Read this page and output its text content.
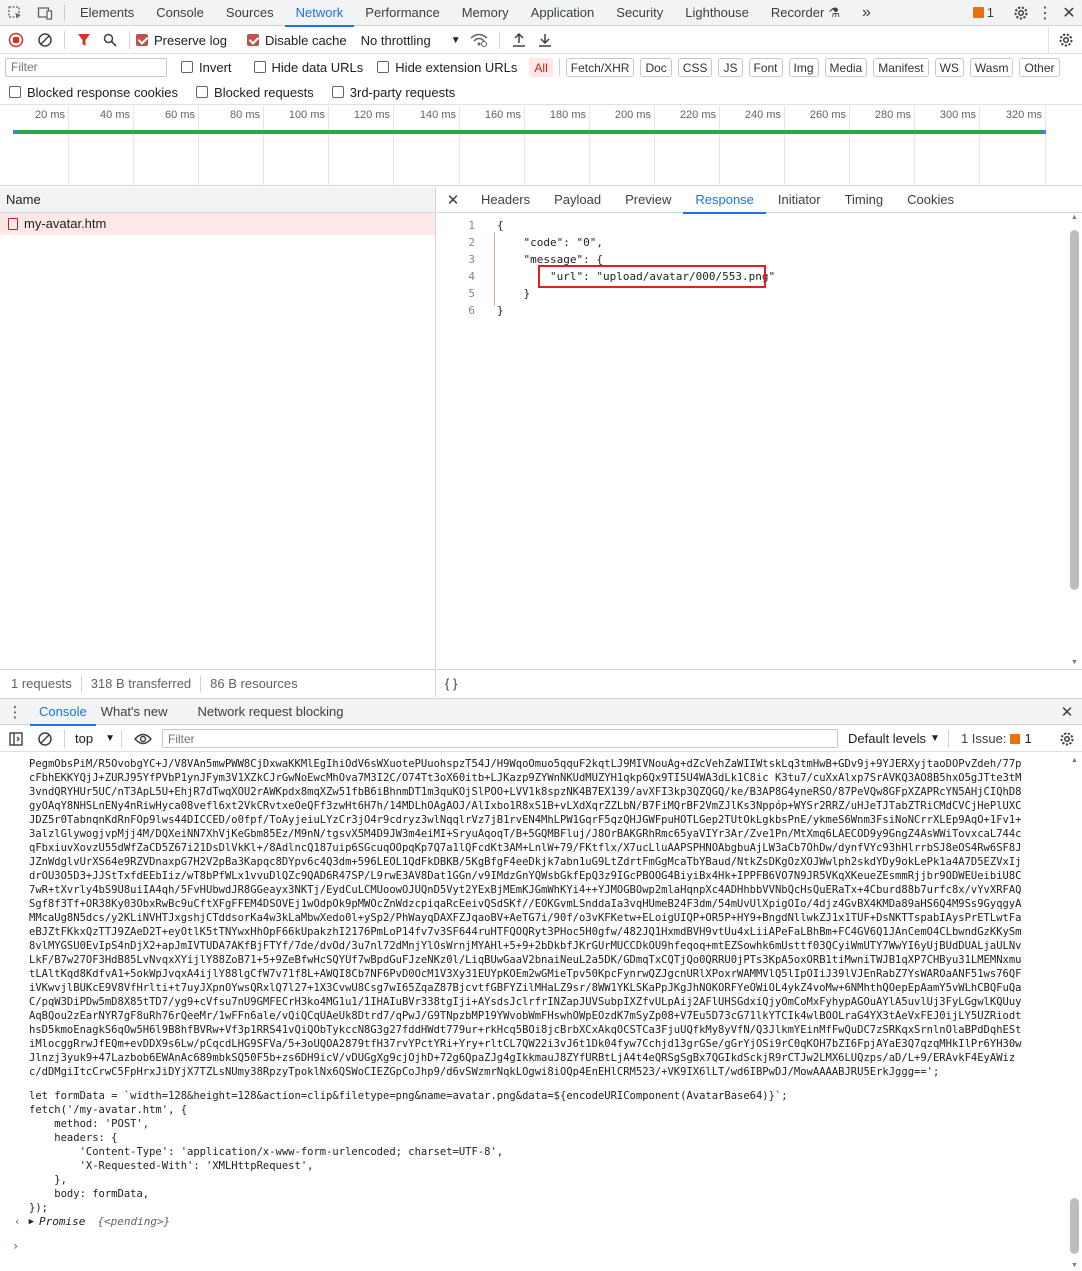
Elements	Console	Sources	Network	Performance	Memory	Application	Security	Lighthouse	Recorder ⚗	»	1	⋮ ✕
Preserve log	Disable cache No throttling ▼
Filter
Invert	Hide data URLs Hide extension URLs	All	Fetch/XHR	Doc	CSS	JS	Font	Img	Media	Manifest	WS	Wasm	Other
Blocked response cookies	Blocked requests	3rd-party requests
20 ms	40 ms	60 ms	80 ms	100 ms	120 ms	140 ms	160 ms	180 ms	200 ms	220 ms	240 ms	260 ms	280 ms	300 ms	320 ms
Name
my-avatar.htm
1 requests	318 B transferred	86 B resources
✕	Headers	Payload	Preview	Response	Initiator	Timing	Cookies
1 {
2 "code": "0",
3 "message": {
4 "url": "upload/avatar/000/553.png"
5 }
6 }
▲
▼
{ }
⋮	Console	What's new	Network request blocking	✕
top ▼
Filter	Default levels ▼ 1 Issue: 1
PegmObsPiM/R5OvobgYC+J/V8VAn5mwPWW8CjDxwaKKMlEgIhiOdV6sWXuotePUuohspzT54J/H9WqoOmuo5qquF2kqtLJ9MIVNouAg+dZcVehZaWIIWtskLq3tmHwB+GDv9j+9YJERXyjtaoDOPvZdeh/77pcFbhEKKYQjJ+ZURJ95YfPVbP1ynJFym3V1XZkCJrGwNoEwcMhOva7M3I2C/O74Tt3oX60itb+LJKazp9ZYWnNKUdMUZYH1qkp6Qx9TI5U4WA3dLk1C8ic K3tu7/cuXxAlxp7SrAVKQ3AO8B5hxO5gJTte3tM3vndQRYHUr5UC/nT3ApL5U+EhjR7dTwqXOU2rAWKpdx8mqXZw51fbB6iBhnmDT1m3quKOjSlPOO+LVV1k8spzNK4B7EX139/avXFI3kp3QZQGQ/ke/B3AP8G4yneRSO/87PeVQw8GFpXZAPRcYN5AHjCIQhD8gyOAqY8NHSLnENy4nRiwHyca08vefl6xt2VkCRvtxeOeQFf3zwHt6H7h/14MDLhOAgAOJ/AlIxbo1R8xS1B+vLXdXqrZZLbN/B7FiMQrBF2VmZJlKs3Nppóp+WYSr2RRZ/uHJeTJTabZTRiCMdCVCjHePlUXCJDZ5r0TabnqnKdRnFOp9lws44DICCED/o0fpf/ToAyjeiuLYzCr3jO4r9cdryz3wlNqqlrVz7jB1rvEN4MhLPW1GqrF5qzQHJGWFpuHOTLGep2TUtOkLgkbsPnE/ykmeS6Wnm3FsiNoNCrrXLEp9AqO+1Fv1+3alzlGlywogjvpMjj4M/DQXeiNN7XhVjKeGbm85Ez/M9nN/tgsvX5M4D9JW3m4eiMI+SryuAqoqT/B+5GQMBFluj/J8OrBAKGRhRmc65yaVIYr3Ar/Zve1Pn/MtXmq6LAECOD9y9GngZ4AsWWiTovxcaL744cqFbxiuvXovzU55dWfZaCD5Z67i21DsDlVkKl+/8AdlncQ187uip6SGcuqOOpqKp7Q7a1lQFcdKt3AM+LnlW+79/FKtflx/X7ucLluAAPSPHNOAbgbuAjLW3aCb7OhDw/dynfVYc93hHlrrbSJ8eOS4Rw6SF8JJZnWdglvUrXS64e9RZVDnaxpG7H2V2pBa3Kapqc8DYpv6c4Q3dm+596LEOL1QdFkDBKB/5KgBfgF4eeDkjk7abn1uG9LtZdrtFmGgMcaTbYBaud/NtkZsDKgOzXOJWwlph2skdYDy9okLePk1a4A7D5EZVxIjdrOU3O5D3+JJStTxfdEEbIiz/wT8bPfWLx1vvuDlQZc9QAD6R47SP/L9rwE3AV8Dat1GGn/v9IMdzGnYQWsbGkfEpQ3z9IGcPBOOG4BiyiBx4Hk+IPPFB6VO7N9JR5VKqXKeueZEsmmRjjbr9ODWEUeibiU8C7wR+tXvrly4bS9U8uiIA4qh/5FvHUbwdJR8GGeayx3NKTj/EydCuLCMUoowOJUQnD5Vyt2YExBjMEmKJGmWhKYi4++YJMOGBOwp2mlaHqnpXc4ADHhbbVVNbQcHsQuERaTx+4Cburd88b7urfc8x/vYvXRFAQSgf8f3Tf+OR38Ky03ObxRwBc9uCftXFgFFEM4DSOVEj1wOdpOk9pMWOcZnWdzcpiqaRcEeivQSdSKf//EOKGvmLSnddaIa3vqHUmeB24F3dm/54mUvUlXpigOIo/4djz4GvBX4KMDa89aHS6Q4M9Ss9GyqgyAMMcaUg8N5dcs/y2KLiNVHTJxgshjCTddsorKa4w3kLaMbwXedo0l+ySp2/PhWayqDAXFZJqaoBV+AeTG7i/90f/o3vKFKetw+ELoigUIQP+OR5P+HY9+BngdNllwkZJ1x1TUF+DsNKTTspabIAysPrETLwtFaeBJZtFKkxQzTTJ9ZAeD2T+eyOtlK5tTNYwxHhOpF66kUpakzhI2176PmLoP14fv7v3SF644ruHTFQOQRyt3PHoc5H0gfw/482JQ1HxmdBVH9vtUu4xLiiAPeFaLBhBm+FC4GV6Q1JAnCemO4CLbwndGzKKySm8vlMYGSU0EvIpS4nDjX2+apJmIVTUDA7AKfBjFTYf/7de/dvOd/3u7nl72dMnjYlOsWrnjMYAHl+5+9+2bDkbfJKrGUrMUCCDkOU9hfeqoq+mtEZSowhk6mUsttf03QCyiWmUTY7WwYI6yUjBUdDUALjaULNvLkF/B7w27OF3HdB85LvNvqxXYijlY88ZoB71+5+9ZeBfwHcSQYUf7wBpdGuFJzeNKz0l/LiqBUwGaaV2bnaiNeuL2a5DK/GDmqTxCQTjQo0QRRU0jPTs3KpA5oxORB1tiMwniTWJB1qXP7CHByu31LMEMNxmutLAltKqd8KdfvA1+5okWpJvqxA4ijlY88lgCfW7v71f8L+AWQI8Cb7NF6PvD0OcM1V3Xy31EUYpKOEm2wGMieTpv50KpcFynrwQZJgcnURlXPoxrWAMMVlQ5lIpOIiJ39lVJEnRabZ7YsWAROaANF51ws76QFiVKwvjlBUKcE9V8VfHrlti+t7uyJXpnOYwsQRxlQ7l27+1X3CvwU8Csg7wI65ZqaZ87BjcvtfGBFYZilMHaLZ9sr/8WW1YKLSKaPpJKgJhNOKORFYeOWiOL4ykZ4voMw+6NMhthQOepEpAamY5vWLhCBQFuQaC/pqW3DiPDw5mD8X85tTD7/yg9+cVfsu7nU9GMFECrH3ko4MG1u1/1IHAIuBVr338tgIji+AYsdsJclrfrINZapJUVSubpIXZfvULpAij2AFlUHSGdxiQjyOmCoMxFyhypAGOuAYlA5uvlUj3FyLGgwlKQUuyAqBQou2zEarNYR7gF8uRh76rQeeMr/1wFFn6ale/vQiQCqUAeUk8Dtrd7/qPwJ/G9TNpzbMP19YWvobWmFHswhOWpEOzdK7mSyZp08+V7Eu5D73cG71lkYTCIk4wlBOOLraG4YX3tAeVxFEJ0ijLY5UZRiodthsD5kmoEnagkS6qOw5H6l9B8hfBVRw+Vf3p1RRS41vQiQObTykccN8G3g27fddHWdt779ur+rkHcq5BOi8jcBrbXCxAkqOCSTCa3FjuUQfkMy8yVfN/Q3JlkmYEinMfFwQuDC7zSRKqxSrnlnOlaBPdDqhEStiMlocggRrwJfEQm+evDDX9s6Lw/pCqcdLHG9SFVa/5+3oUQOA2879tfH37rvYPctYRi+Yry+rltCL7QW22i3vJ6t1Dk04fyw7Cchjd13grGSe/gGrYjOSi9rC0qKOH7bZI6FpjAYaE3Q7qzqMHkIlPr6YH30wJlnzj3yuk9+47Lazbob6EWAnAc689mbkSQ50F5b+zs6DH9icV/vDUGgXg9cjOjhD+72g6QpaZJg4gIkkmauJ8ZYfURBtLjA4t4eQRSgSgBx7QGIkdSckjR9rCTJw2LMX6LUQzps/aD/L+9/ERAvkF4EyAWizc/dDMgiItcCrwC5FpHrxJiDYjX7TZLsNUmy38RpzyTpoklNx6QSWoCIEZGpCoJhp9/d6vSWzmrNqkLOgwi8iOQp4EnEHlCRM523/+VK9IX6lLT/wd6IBPwDJ/MowAAAABJRU5ErkJggg==';
let formData = `width=128&height=128&action=clip&filetype=png&name=avatar.png&data=${encodeURIComponent(AvatarBase64)}`;
fetch('/my-avatar.htm', {
method: 'POST',
headers: {
'Content-Type': 'application/x-www-form-urlencoded; charset=UTF-8',
'X-Requested-With': 'XMLHttpRequest',
},
body: formData,
});
‹ ▶ Promise {<pending>}
›
▲
▼
